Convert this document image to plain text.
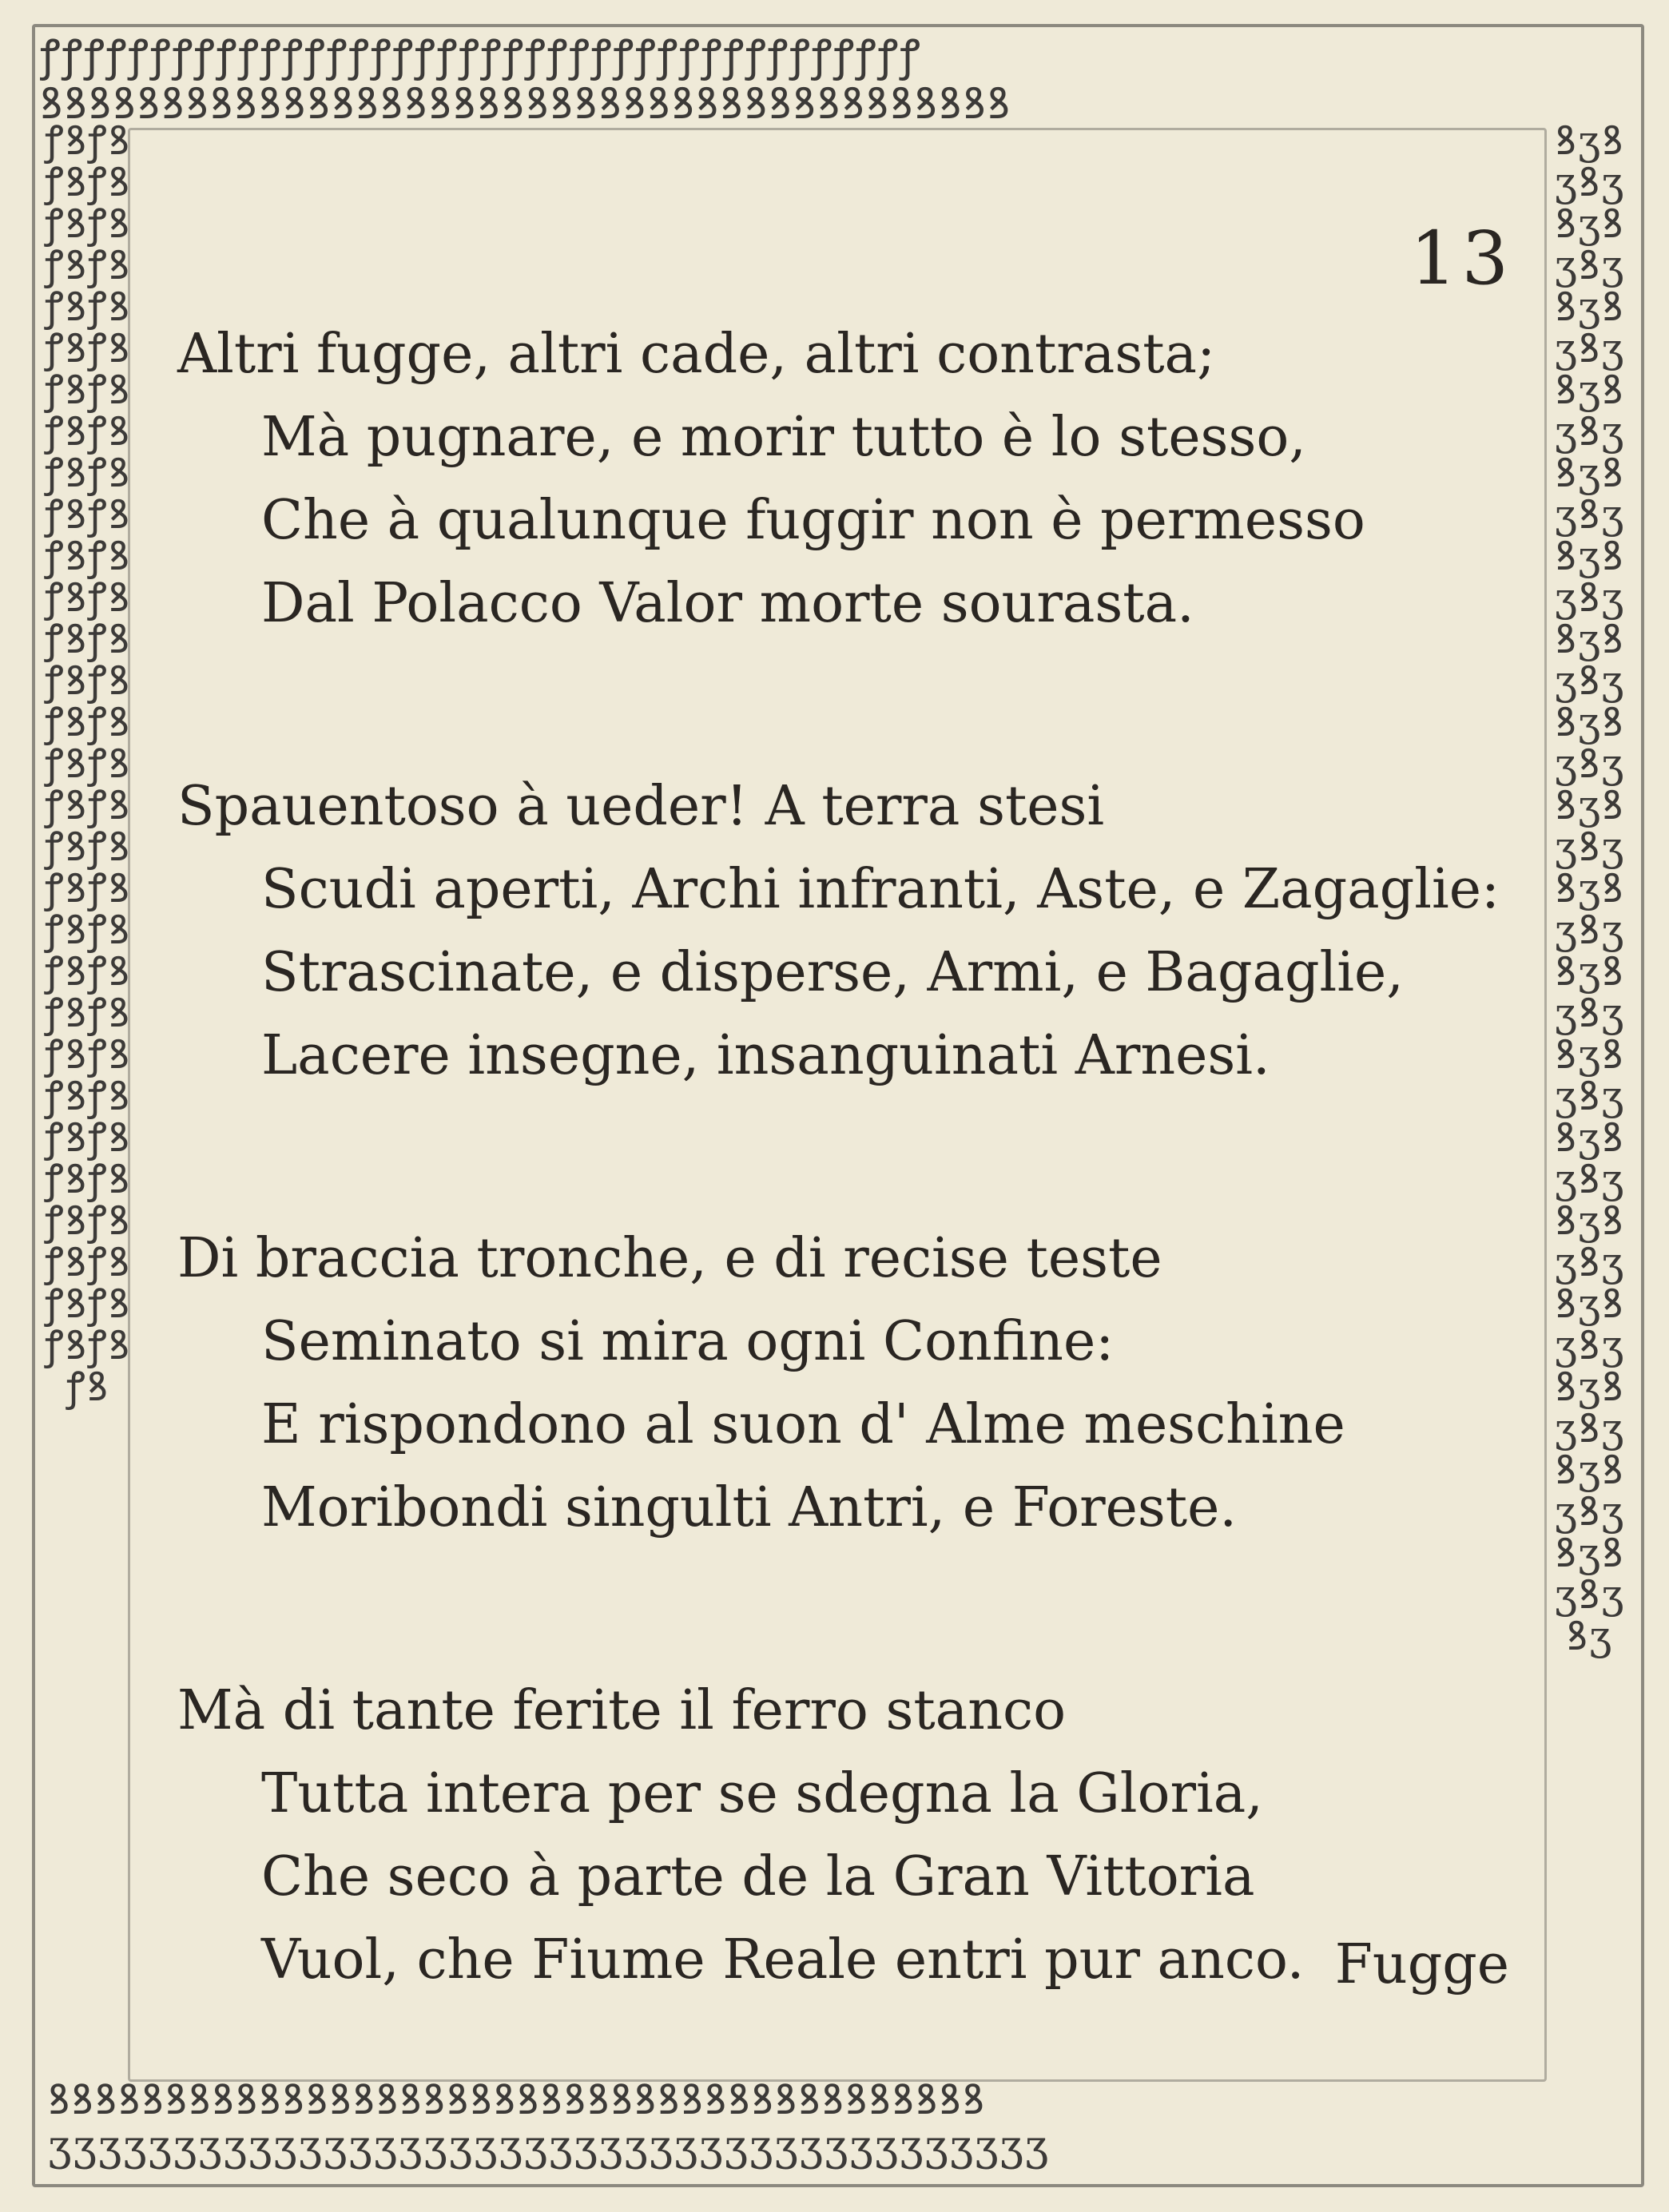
ꝭꝭꝭꝭꝭꝭꝭꝭꝭꝭꝭꝭꝭꝭꝭꝭꝭꝭꝭꝭꝭꝭꝭꝭꝭꝭꝭꝭꝭꝭꝭꝭꝭꝭꝭꝭꝭꝭꝭꝭ
ꝸꝸꝸꝸꝸꝸꝸꝸꝸꝸꝸꝸꝸꝸꝸꝸꝸꝸꝸꝸꝸꝸꝸꝸꝸꝸꝸꝸꝸꝸꝸꝸꝸꝸꝸꝸꝸꝸꝸꝸ
ꝸꝸꝸꝸꝸꝸꝸꝸꝸꝸꝸꝸꝸꝸꝸꝸꝸꝸꝸꝸꝸꝸꝸꝸꝸꝸꝸꝸꝸꝸꝸꝸꝸꝸꝸꝸꝸꝸꝸꝸ
ʒʒʒʒʒʒʒʒʒʒʒʒʒʒʒʒʒʒʒʒʒʒʒʒʒʒʒʒʒʒʒʒʒʒʒʒʒʒʒʒ
ꝭꝸꝭꝸꝭꝸꝭꝸꝭꝸꝭꝸꝭꝸꝭꝸꝭꝸꝭꝸꝭꝸꝭꝸꝭꝸꝭꝸꝭꝸꝭꝸꝭꝸꝭꝸꝭꝸꝭꝸꝭꝸꝭꝸꝭꝸꝭꝸꝭꝸꝭꝸꝭꝸꝭꝸꝭꝸꝭꝸꝭꝸꝭꝸꝭꝸꝭꝸꝭꝸꝭꝸꝭꝸꝭꝸꝭꝸꝭꝸꝭꝸꝭꝸꝭꝸꝭꝸꝭꝸꝭꝸꝭꝸꝭꝸꝭꝸꝭꝸꝭꝸꝭꝸꝭꝸꝭꝸꝭꝸꝭꝸꝭꝸꝭꝸꝭꝸꝭꝸꝭꝸ
ꝸʒꝸʒꝸʒꝸʒꝸʒꝸʒꝸʒꝸʒꝸʒꝸʒꝸʒꝸʒꝸʒꝸʒꝸʒꝸʒꝸʒꝸʒꝸʒꝸʒꝸʒꝸʒꝸʒꝸʒꝸʒꝸʒꝸʒꝸʒꝸʒꝸʒꝸʒꝸʒꝸʒꝸʒꝸʒꝸʒꝸʒꝸʒꝸʒꝸʒꝸʒꝸʒꝸʒꝸʒꝸʒꝸʒꝸʒꝸʒꝸʒꝸʒꝸʒꝸʒꝸʒꝸʒꝸʒ
13
Altri fugge, altri cade, altri contrasta;
Mà pugnare, e morir tutto è lo stesso,
Che à qualunque fuggir non è permesso
Dal Polacco Valor morte sourasta.
Spauentoso à ueder! A terra stesi
Scudi aperti, Archi infranti, Aste, e Zagaglie:
Strascinate, e disperse, Armi, e Bagaglie,
Lacere insegne, insanguinati Arnesi.
Di braccia tronche, e di recise teste
Seminato si mira ogni Confine:
E rispondono al suon d' Alme meschine
Moribondi singulti Antri, e Foreste.
Mà di tante ferite il ferro stanco
Tutta intera per se sdegna la Gloria,
Che seco à parte de la Gran Vittoria
Vuol, che Fiume Reale entri pur anco. Fugge
